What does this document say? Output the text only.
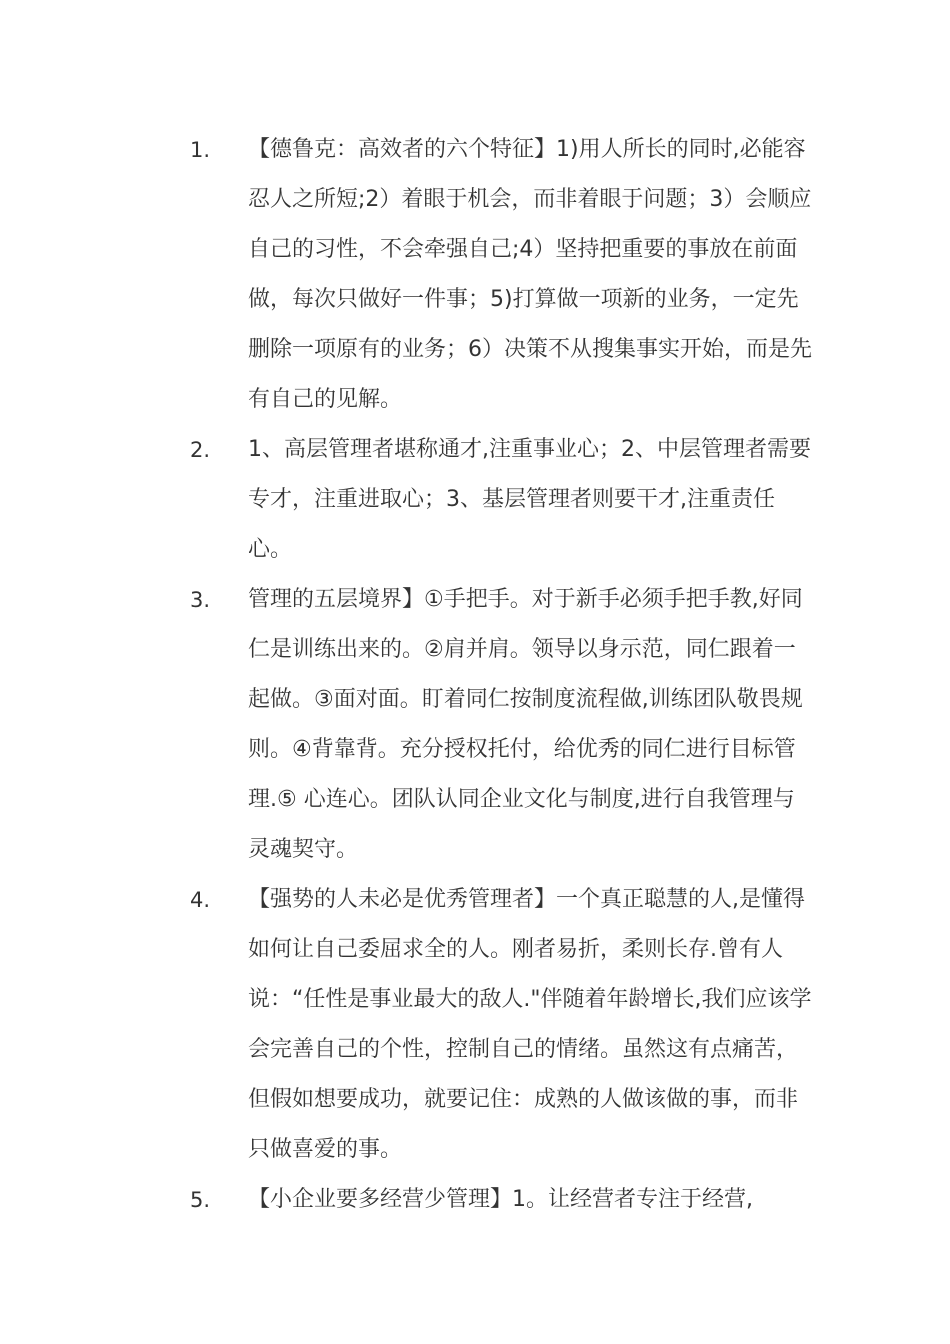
1.	【德鲁克：高效者的六个特征】1)用人所长的同时,必能容忍人之所短;2）着眼于机会，而非着眼于问题；3）会顺应自己的习性，不会牵强自己;4）坚持把重要的事放在前面做，每次只做好一件事；5)打算做一项新的业务，一定先删除一项原有的业务；6）决策不从搜集事实开始，而是先有自己的见解。
2.	1、高层管理者堪称通才,注重事业心；2、中层管理者需要专才，注重进取心；3、基层管理者则要干才,注重责任心。
3.	管理的五层境界】①手把手。对于新手必须手把手教,好同仁是训练出来的。②肩并肩。领导以身示范，同仁跟着一起做。③面对面。盯着同仁按制度流程做,训练团队敬畏规则。④背靠背。充分授权托付，给优秀的同仁进行目标管理.⑤ 心连心。团队认同企业文化与制度,进行自我管理与灵魂契守。
4.	【强势的人未必是优秀管理者】一个真正聪慧的人,是懂得如何让自己委屈求全的人。刚者易折，柔则长存.曾有人说：“任性是事业最大的敌人."伴随着年龄增长,我们应该学会完善自己的个性，控制自己的情绪。虽然这有点痛苦，但假如想要成功，就要记住：成熟的人做该做的事，而非只做喜爱的事。
5.	【小企业要多经营少管理】1。让经营者专注于经营,
